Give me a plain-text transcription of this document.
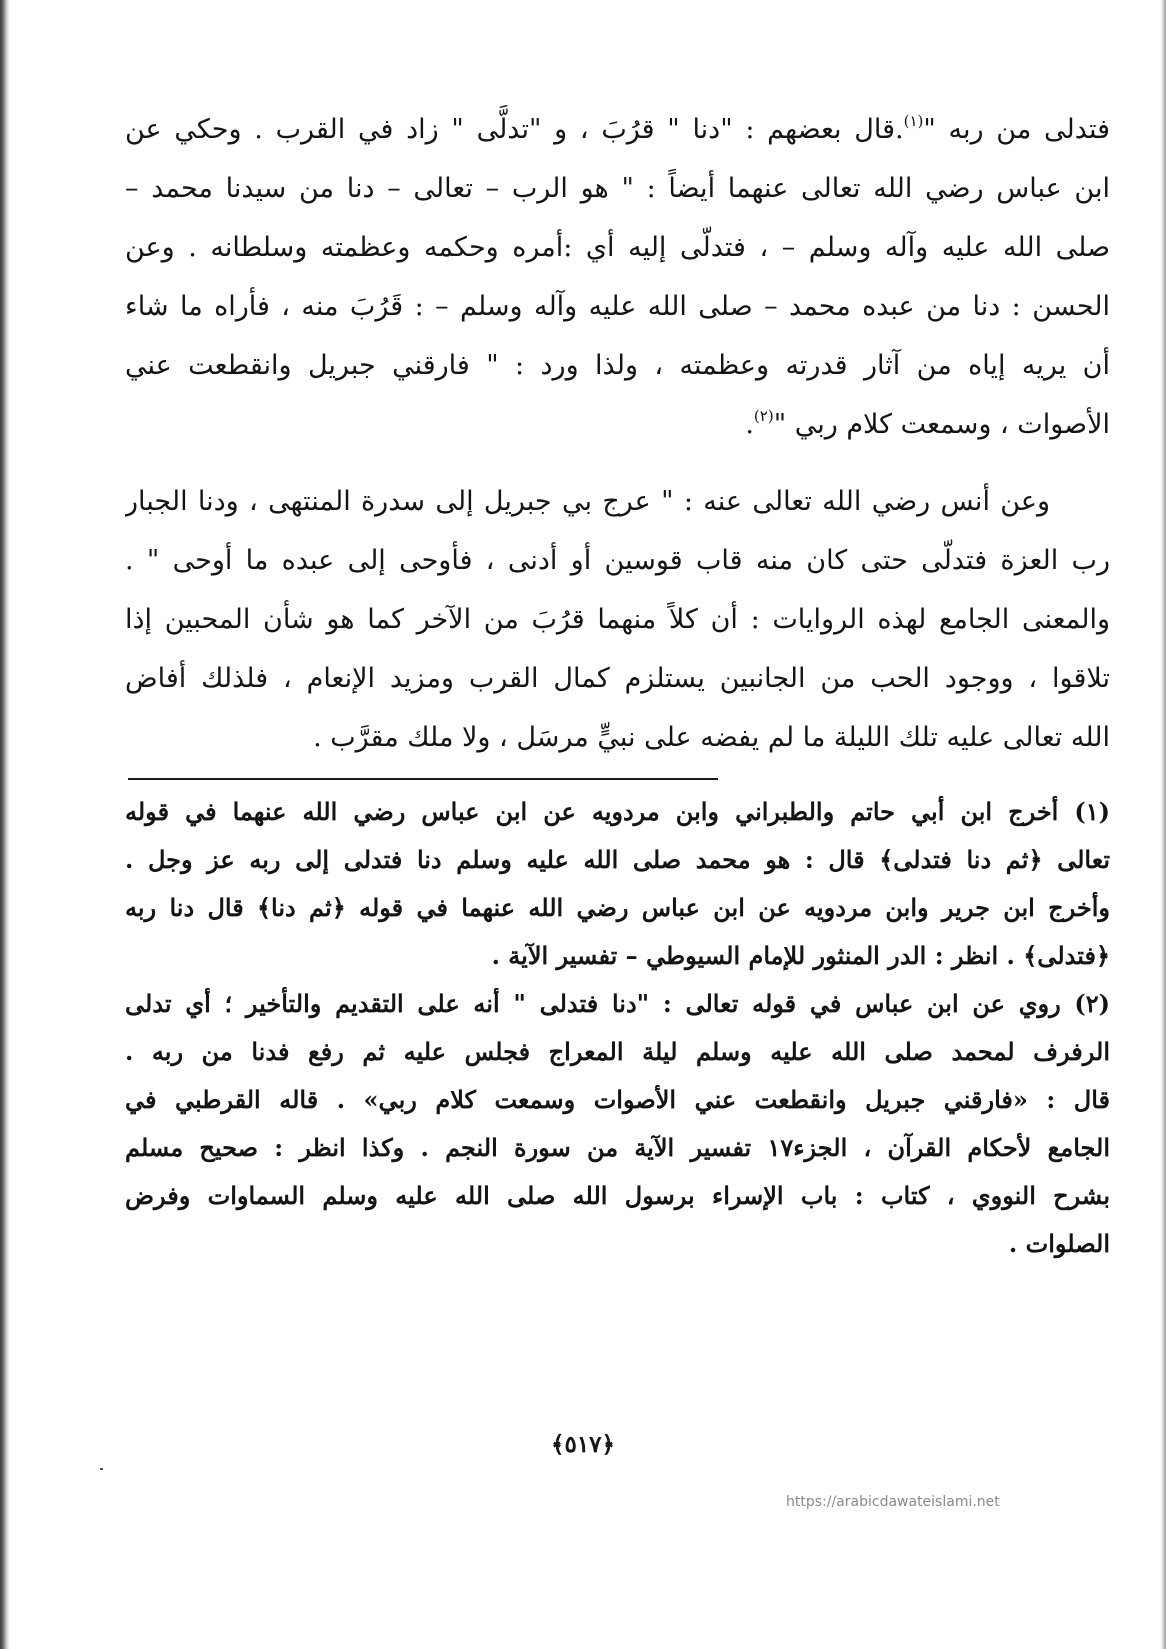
فتدلى من ربه "$^{(١)}$.قال بعضهم : "دنا " قرُبَ ، و "تدلَّى " زاد في القرب . وحكي عن
ابن عباس رضي الله تعالى عنهما أيضاً : " هو الرب – تعالى – دنا من سيدنا محمد –
صلى الله عليه وآله وسلم – ، فتدلّى إليه أي :أمره وحكمه وعظمته وسلطانه . وعن
الحسن : دنا من عبده محمد – صلى الله عليه وآله وسلم – : قَرُبَ منه ، فأراه ما شاء
أن يريه إياه من آثار قدرته وعظمته ، ولذا ورد : " فارقني جبريل وانقطعت عني
الأصوات ، وسمعت كلام ربي "$^{(٢)}$.
وعن أنس رضي الله تعالى عنه : " عرج بي جبريل إلى سدرة المنتهى ، ودنا الجبار
رب العزة فتدلّى حتى كان منه قاب قوسين أو أدنى ، فأوحى إلى عبده ما أوحى " .
والمعنى الجامع لهذه الروايات : أن كلاً منهما قرُبَ من الآخر كما هو شأن المحبين إذا
تلاقوا ، ووجود الحب من الجانبين يستلزم كمال القرب ومزيد الإنعام ، فلذلك أفاض
الله تعالى عليه تلك الليلة ما لم يفضه على نبيٍّ مرسَل ، ولا ملك مقرَّب .
(١) أخرج ابن أبي حاتم والطبراني وابن مردويه عن ابن عباس رضي الله عنهما في قوله
تعالى ﴿ثم دنا فتدلى﴾ قال : هو محمد صلى الله عليه وسلم دنا فتدلى إلى ربه عز وجل .
وأخرج ابن جرير وابن مردويه عن ابن عباس رضي الله عنهما في قوله ﴿ثم دنا﴾ قال دنا ربه
﴿فتدلى﴾ . انظر : الدر المنثور للإمام السيوطي – تفسير الآية .
(٢) روي عن ابن عباس في قوله تعالى : "دنا فتدلى " أنه على التقديم والتأخير ؛ أي تدلى
الرفرف لمحمد صلى الله عليه وسلم ليلة المعراج فجلس عليه ثم رفع فدنا من ربه .
قال : «فارقني جبريل وانقطعت عني الأصوات وسمعت كلام ربي» . قاله القرطبي في
الجامع لأحكام القرآن ، الجزء١٧ تفسير الآية من سورة النجم . وكذا انظر : صحيح مسلم
بشرح النووي ، كتاب : باب الإسراء برسول الله صلى الله عليه وسلم السماوات وفرض
الصلوات .
﴿٥١٧﴾
https://arabicdawateislami.net
